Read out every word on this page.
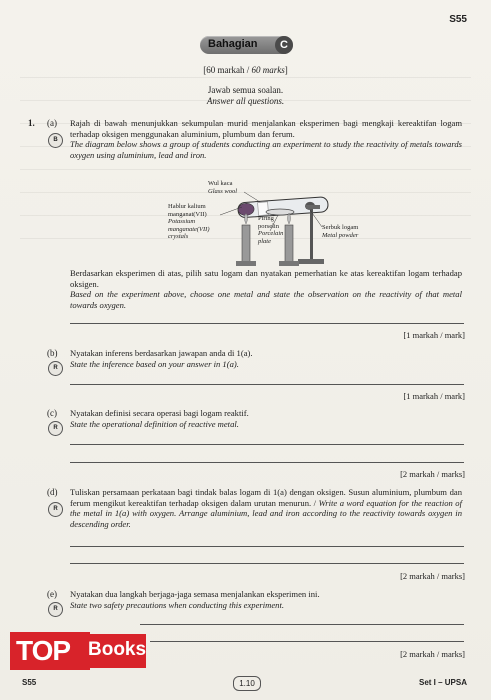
S55
Bahagian	C
[60 markah / 60 marks]
Jawab semua soalan.
Answer all questions.
1. (a)
B
Rajah di bawah menunjukkan sekumpulan murid menjalankan eksperimen bagi mengkaji kereaktifan logam terhadap oksigen menggunakan aluminium, plumbum dan ferum.
The diagram below shows a group of students conducting an experiment to study the reactivity of metals towards oxygen using aluminium, lead and iron.
Wul kaca
Glass wool
Hablur kalium
manganat(VII)
Potassium
manganate(VII)
crystals
Piring
porselin
Porcelain
plate
Serbuk logam
Metal powder
Berdasarkan eksperimen di atas, pilih satu logam dan nyatakan pemerhatian ke atas kereaktifan logam terhadap oksigen.
Based on the experiment above, choose one metal and state the observation on the reactivity of that metal towards oxygen.
[1 markah / mark]
(b)
R
Nyatakan inferens berdasarkan jawapan anda di 1(a).
State the inference based on your answer in 1(a).
[1 markah / mark]
(c)
R
Nyatakan definisi secara operasi bagi logam reaktif.
State the operational definition of reactive metal.
[2 markah / marks]
(d)
R
Tuliskan persamaan perkataan bagi tindak balas logam di 1(a) dengan oksigen. Susun aluminium, plumbum dan ferum mengikut kereaktifan terhadap oksigen dalam urutan menurun. / Write a word equation for the reaction of the metal in 1(a) with oxygen. Arrange aluminium, lead and iron according to the reactivity towards oxygen in descending order.
[2 markah / marks]
(e)
R
Nyatakan dua langkah berjaga-jaga semasa menjalankan eksperimen ini.
State two safety precautions when conducting this experiment.
[2 markah / marks]
TOP Books
S55	1.10	Set I – UPSA
